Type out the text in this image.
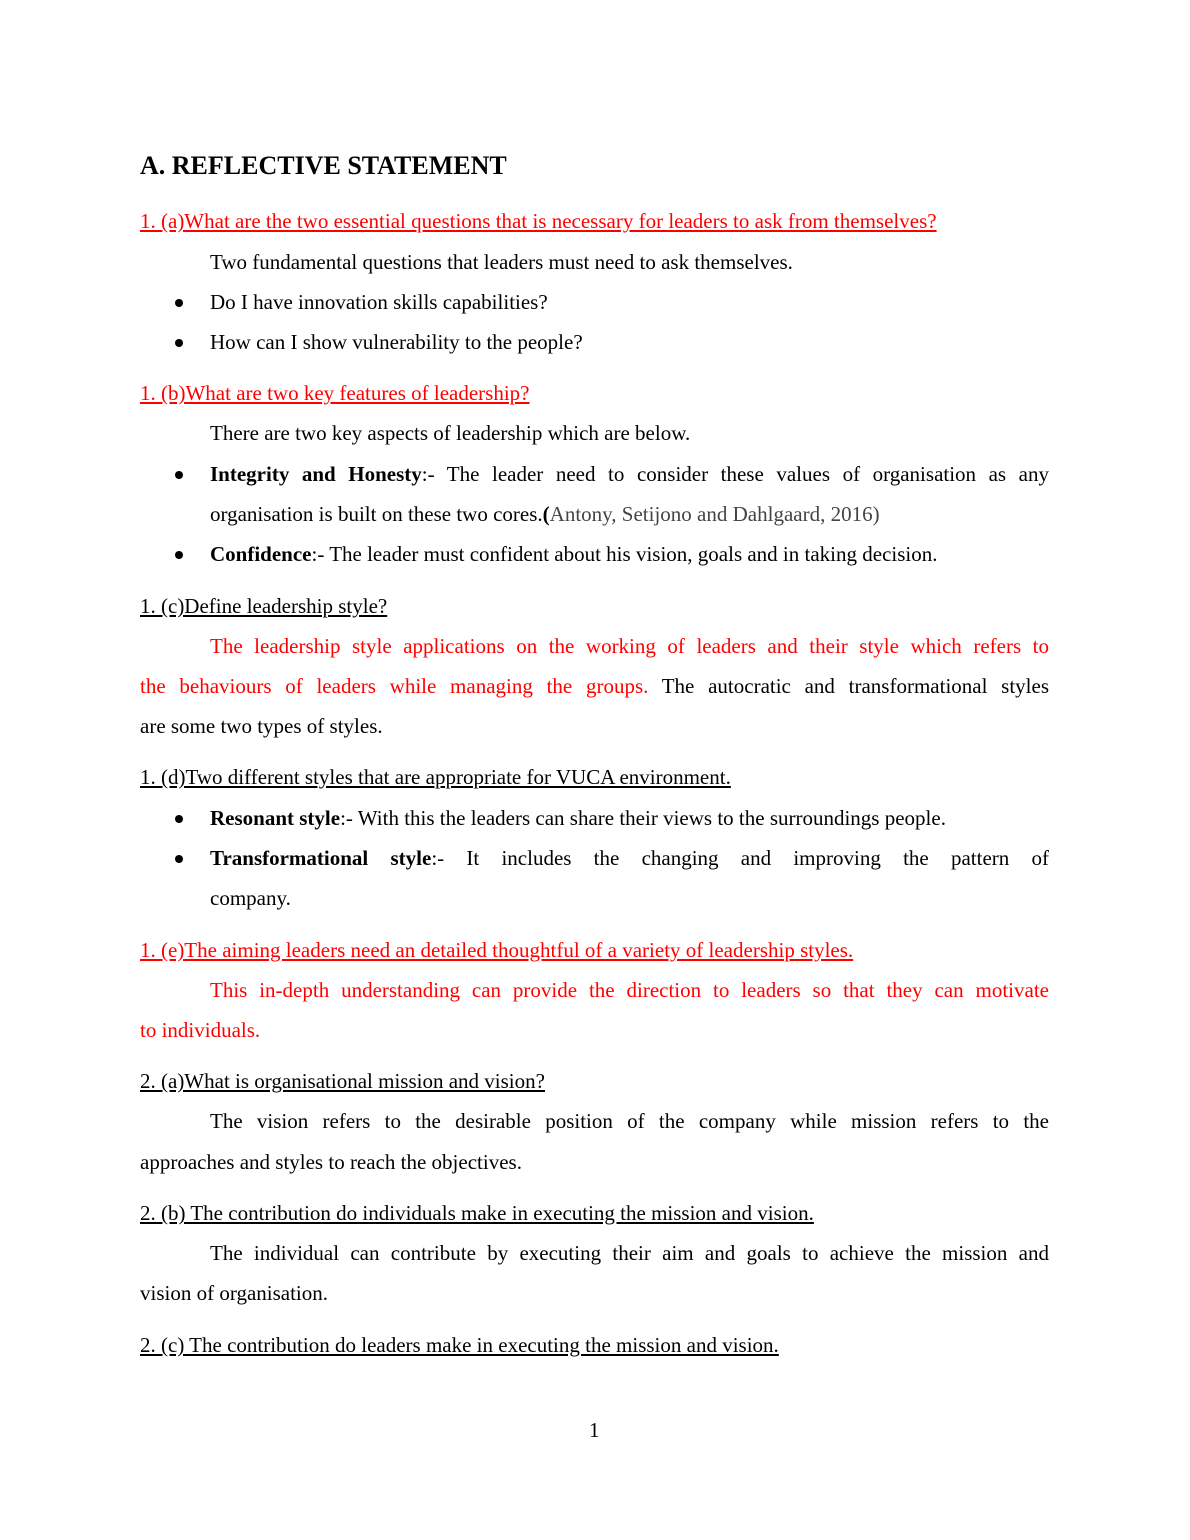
A. REFLECTIVE STATEMENT

1. (a)What are the two essential questions that is necessary for leaders to ask from themselves?

Two fundamental questions that leaders must need to ask themselves.

Do I have innovation skills capabilities?

How can I show vulnerability to the people?

1. (b)What are two key features of leadership?

There are two key aspects of leadership which are below.

Integrity and Honesty:- The leader need to consider these values of organisation as any

organisation is built on these two cores.(Antony, Setijono and Dahlgaard, 2016)

Confidence:- The leader must confident about his vision, goals and in taking decision.

1. (c)Define leadership style?

The leadership style applications on the working of leaders and their style which refers to

the behaviours of leaders while managing the groups. The autocratic and transformational styles

are some two types of styles.

1. (d)Two different styles that are appropriate for VUCA environment.

Resonant style:- With this the leaders can share their views to the surroundings people.

Transformational style:- It includes the changing and improving the pattern of

company.

1. (e)The aiming leaders need an detailed thoughtful of a variety of leadership styles.

This in-depth understanding can provide the direction to leaders so that they can motivate

to individuals.

2. (a)What is organisational mission and vision?

The vision refers to the desirable position of the company while mission refers to the

approaches and styles to reach the objectives.

2. (b) The contribution do individuals make in executing the mission and vision.

The individual can contribute by executing their aim and goals to achieve the mission and

vision of organisation.

2. (c) The contribution do leaders make in executing the mission and vision.

1
